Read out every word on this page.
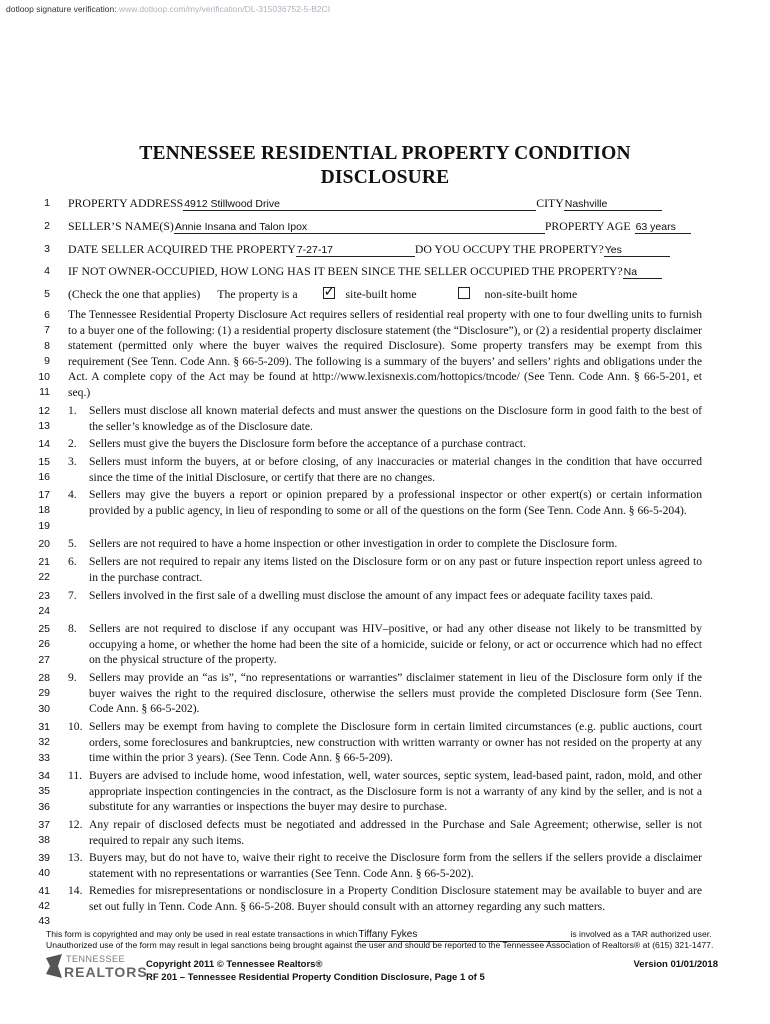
dotloop signature verification: www.dotloop.com/my/verification/DL-315036752-5-B2CI
TENNESSEE RESIDENTIAL PROPERTY CONDITION
DISCLOSURE
1
2
3
4
5
6
7
8
9
10
11
12
13
14
15
16
17
18
19
20
21
22
23
24
25
26
27
28
29
30
31
32
33
34
35
36
37
38
39
40
41
42
43
PROPERTY ADDRESS4912 Stillwood Drive	CITYNashville
SELLER’S NAME(S)Annie Insana and Talon Ipox	PROPERTY AGE 63 years
DATE SELLER ACQUIRED THE PROPERTY7-27-17	DO YOU OCCUPY THE PROPERTY?Yes
IF NOT OWNER-OCCUPIED, HOW LONG HAS IT BEEN SINCE THE SELLER OCCUPIED THE PROPERTY?Na
(Check the one that applies) The property is a ✓	site-built home	non-site-built home
The Tennessee Residential Property Disclosure Act requires sellers of residential real property with one to four dwelling units to furnish to a buyer one of the following: (1) a residential property disclosure statement (the “Disclosure”), or (2) a residential property disclaimer statement (permitted only where the buyer waives the required Disclosure). Some property transfers may be exempt from this requirement (See Tenn. Code Ann. § 66-5-209). The following is a summary of the buyers’ and sellers’ rights and obligations under the Act. A complete copy of the Act may be found at http://www.lexisnexis.com/hottopics/tncode/ (See Tenn. Code Ann. § 66-5-201, et seq.)
1.	Sellers must disclose all known material defects and must answer the questions on the Disclosure form in good faith to the best of the seller’s knowledge as of the Disclosure date.
2.	Sellers must give the buyers the Disclosure form before the acceptance of a purchase contract.
3.	Sellers must inform the buyers, at or before closing, of any inaccuracies or material changes in the condition that have occurred since the time of the initial Disclosure, or certify that there are no changes.
4.	Sellers may give the buyers a report or opinion prepared by a professional inspector or other expert(s) or certain information provided by a public agency, in lieu of responding to some or all of the questions on the form (See Tenn. Code Ann. § 66-5-204).
5.	Sellers are not required to have a home inspection or other investigation in order to complete the Disclosure form.
6.	Sellers are not required to repair any items listed on the Disclosure form or on any past or future inspection report unless agreed to in the purchase contract.
7.	Sellers involved in the first sale of a dwelling must disclose the amount of any impact fees or adequate facility taxes paid.
8.	Sellers are not required to disclose if any occupant was HIV–positive, or had any other disease not likely to be transmitted by occupying a home, or whether the home had been the site of a homicide, suicide or felony, or act or occurrence which had no effect on the physical structure of the property.
9.	Sellers may provide an “as is”, “no representations or warranties” disclaimer statement in lieu of the Disclosure form only if the buyer waives the right to the required disclosure, otherwise the sellers must provide the completed Disclosure form (See Tenn. Code Ann. § 66-5-202).
10. Sellers may be exempt from having to complete the Disclosure form in certain limited circumstances (e.g. public auctions, court orders, some foreclosures and bankruptcies, new construction with written warranty or owner has not resided on the property at any time within the prior 3 years). (See Tenn. Code Ann. § 66-5-209).
11. Buyers are advised to include home, wood infestation, well, water sources, septic system, lead-based paint, radon, mold, and other appropriate inspection contingencies in the contract, as the Disclosure form is not a warranty of any kind by the seller, and is not a substitute for any warranties or inspections the buyer may desire to purchase.
12. Any repair of disclosed defects must be negotiated and addressed in the Purchase and Sale Agreement; otherwise, seller is not required to repair any such items.
13. Buyers may, but do not have to, waive their right to receive the Disclosure form from the sellers if the sellers provide a disclaimer statement with no representations or warranties (See Tenn. Code Ann. § 66-5-202).
14. Remedies for misrepresentations or nondisclosure in a Property Condition Disclosure statement may be available to buyer and are set out fully in Tenn. Code Ann. § 66-5-208. Buyer should consult with an attorney regarding any such matters.
This form is copyrighted and may only be used in real estate transactions in whichTiffany Fykes	is involved as a TAR authorized user.
Unauthorized use of the form may result in legal sanctions being brought against the user and should be reported to the Tennessee Association of Realtors® at (615) 321-1477.
TENNESSEE
REALTORS
Copyright 2011 © Tennessee Realtors®
RF 201 – Tennessee Residential Property Condition Disclosure, Page 1 of 5
Version 01/01/2018
